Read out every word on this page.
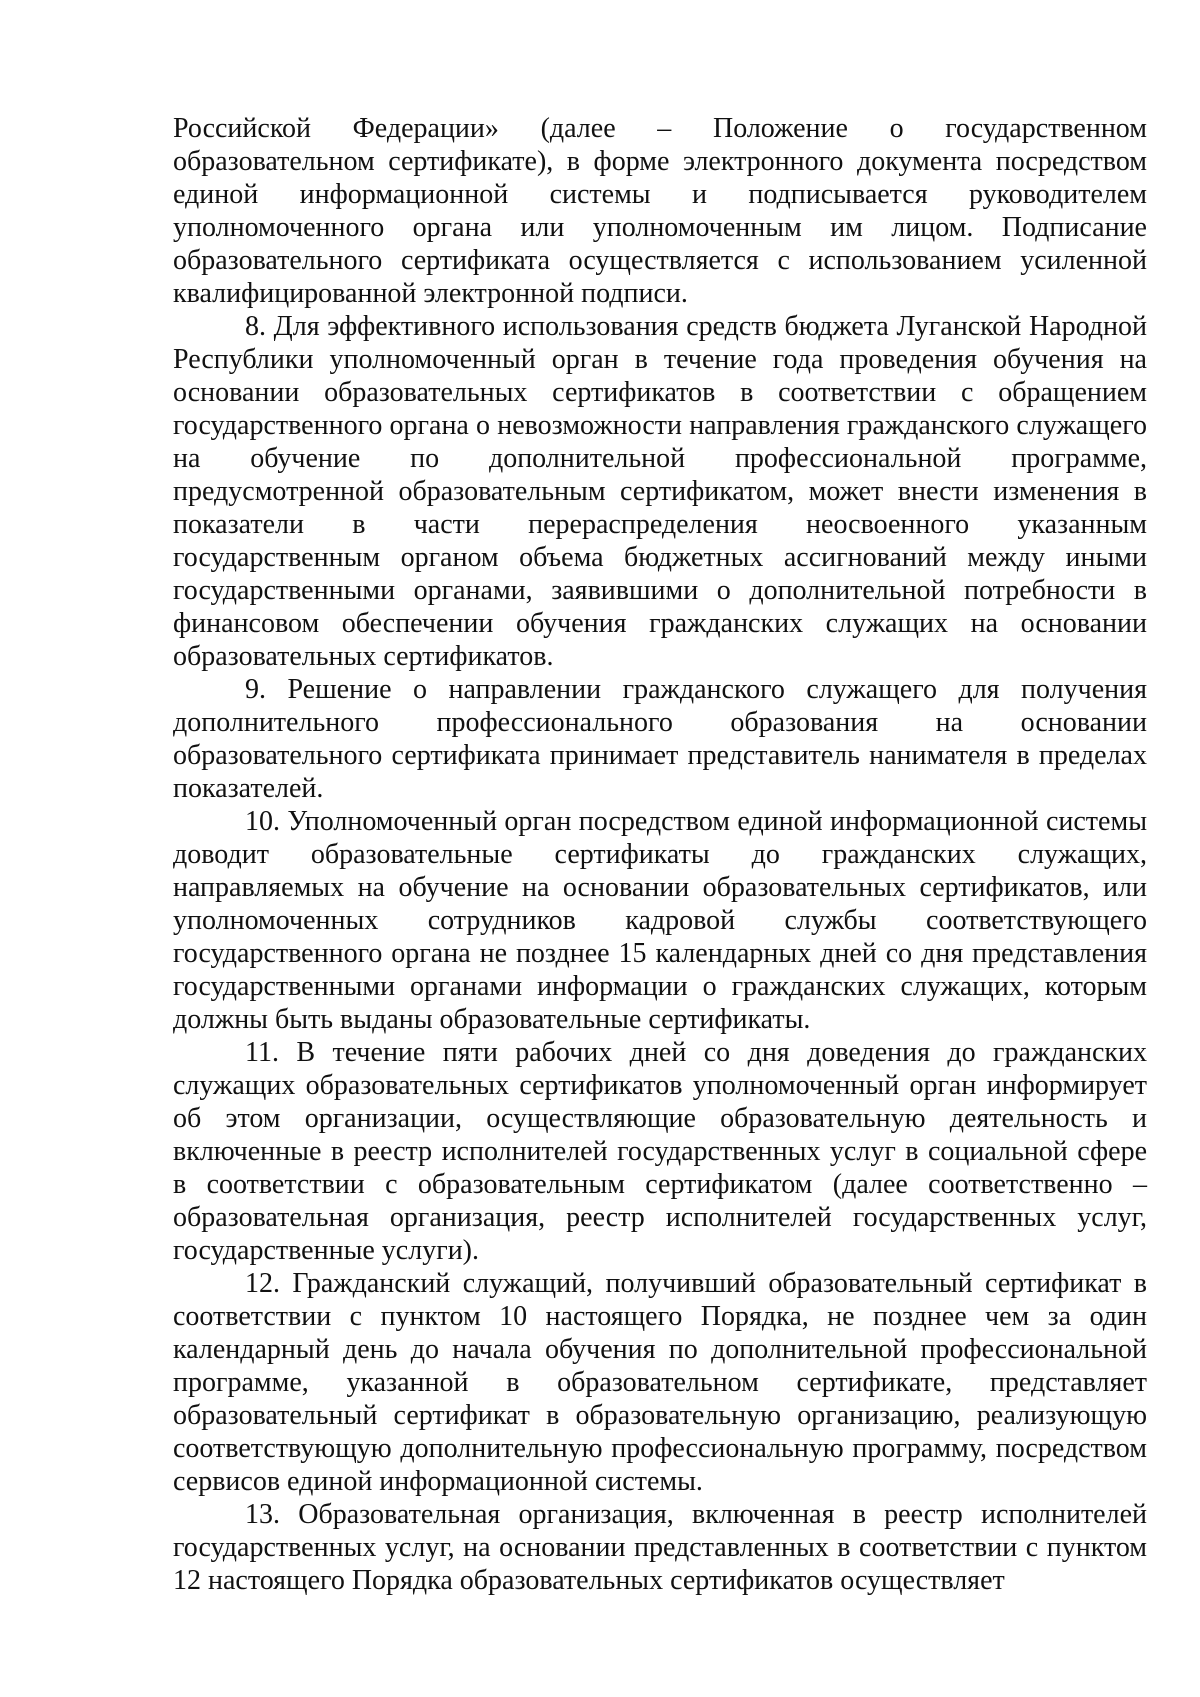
Российской Федерации» (далее – Положение о государственном образовательном сертификате), в форме электронного документа посредством единой информационной системы и подписывается руководителем уполномоченного органа или уполномоченным им лицом. Подписание образовательного сертификата осуществляется с использованием усиленной квалифицированной электронной подписи.

8. Для эффективного использования средств бюджета Луганской Народной Республики уполномоченный орган в течение года проведения обучения на основании образовательных сертификатов в соответствии с обращением государственного органа о невозможности направления гражданского служащего на обучение по дополнительной профессиональной программе, предусмотренной образовательным сертификатом, может внести изменения в показатели в части перераспределения неосвоенного указанным государственным органом объема бюджетных ассигнований между иными государственными органами, заявившими о дополнительной потребности в финансовом обеспечении обучения гражданских служащих на основании образовательных сертификатов.

9. Решение о направлении гражданского служащего для получения дополнительного профессионального образования на основании образовательного сертификата принимает представитель нанимателя в пределах показателей.

10. Уполномоченный орган посредством единой информационной системы доводит образовательные сертификаты до гражданских служащих, направляемых на обучение на основании образовательных сертификатов, или уполномоченных сотрудников кадровой службы соответствующего государственного органа не позднее 15 календарных дней со дня представления государственными органами информации о гражданских служащих, которым должны быть выданы образовательные сертификаты.

11. В течение пяти рабочих дней со дня доведения до гражданских служащих образовательных сертификатов уполномоченный орган информирует об этом организации, осуществляющие образовательную деятельность и включенные в реестр исполнителей государственных услуг в социальной сфере в соответствии с образовательным сертификатом (далее соответственно – образовательная организация, реестр исполнителей государственных услуг, государственные услуги).

12. Гражданский служащий, получивший образовательный сертификат в соответствии с пунктом 10 настоящего Порядка, не позднее чем за один календарный день до начала обучения по дополнительной профессиональной программе, указанной в образовательном сертификате, представляет образовательный сертификат в образовательную организацию, реализующую соответствующую дополнительную профессиональную программу, посредством сервисов единой информационной системы.

13. Образовательная организация, включенная в реестр исполнителей государственных услуг, на основании представленных в соответствии с пунктом 12 настоящего Порядка образовательных сертификатов осуществляет
